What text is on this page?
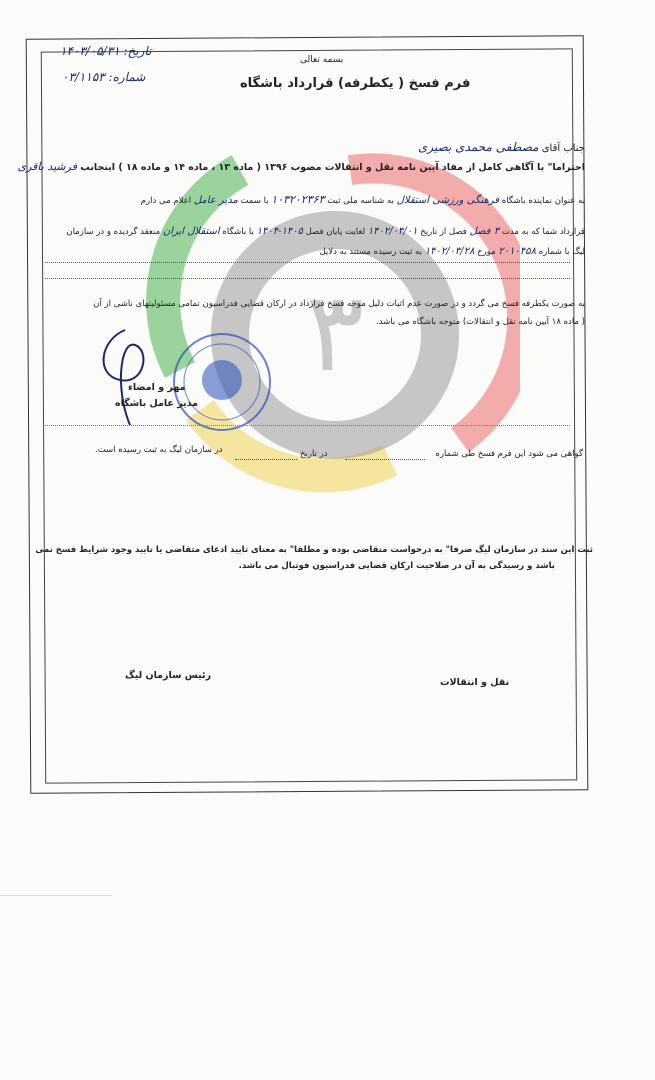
۳
بسمه تعالی
فرم فسخ ( یکطرفه) قرارداد باشگاه
تاریخ: ۱۴۰۳/۰۵/۳۱
شماره: ۰۳/۱۱۵۳
جناب آقای مصطفی محمدی بصیری
احتراما" با آگاهی کامل از مفاد آیین نامه نقل و انتقالات مصوب ۱۳۹۶ ( ماده ۱۳ ، ماده ۱۴ و ماده ۱۸ ) اینجانب فرشید باقری
به عنوان نماینده باشگاه فرهنگی ورزشی استقلال به شناسه ملی ثبت ۱۰۳۲۰۲۳۶۳ با سمت مدیر عامل اعلام می دارم
قرارداد شما که به مدت ۳ فصل فصل از تاریخ ۱۴۰۲/۰۴/۰۱ لغایت پایان فصل ۱۴۰۵-۱۴۰۴ با باشگاه استقلال ایران منعقد گردیده و در سازمان لیگ با شماره ۲۰۱۰۴۵۸ مورخ ۱۴۰۲/۰۳/۲۸ به ثبت رسیده مستند به دلایل
به صورت یکطرفه فسخ می گردد و در صورت عدم اثبات دلیل موجه فسخ قرارداد در ارکان قضایی فدراسیون تمامی مسئولیتهای ناشی از آن
( ماده ۱۸ آیین نامه نقل و انتقالات) متوجه باشگاه می باشد.
مهر و امضاء
مدیر عامل باشگاه
گواهی می شود این فرم فسخ طی شماره
در تاریخ
در سازمان لیگ به ثبت رسیده است.
ثبت این سند در سازمان لیگ صرفا" به درخواست متقاضی بوده و مطلقا" به معنای تایید ادعای متقاضی یا تایید وجود شرایط فسخ نمی
باشد و رسیدگی به آن در صلاحیت ارکان قضایی فدراسیون فوتبال می باشد.
رئیس سازمان لیگ
نقل و انتقالات
